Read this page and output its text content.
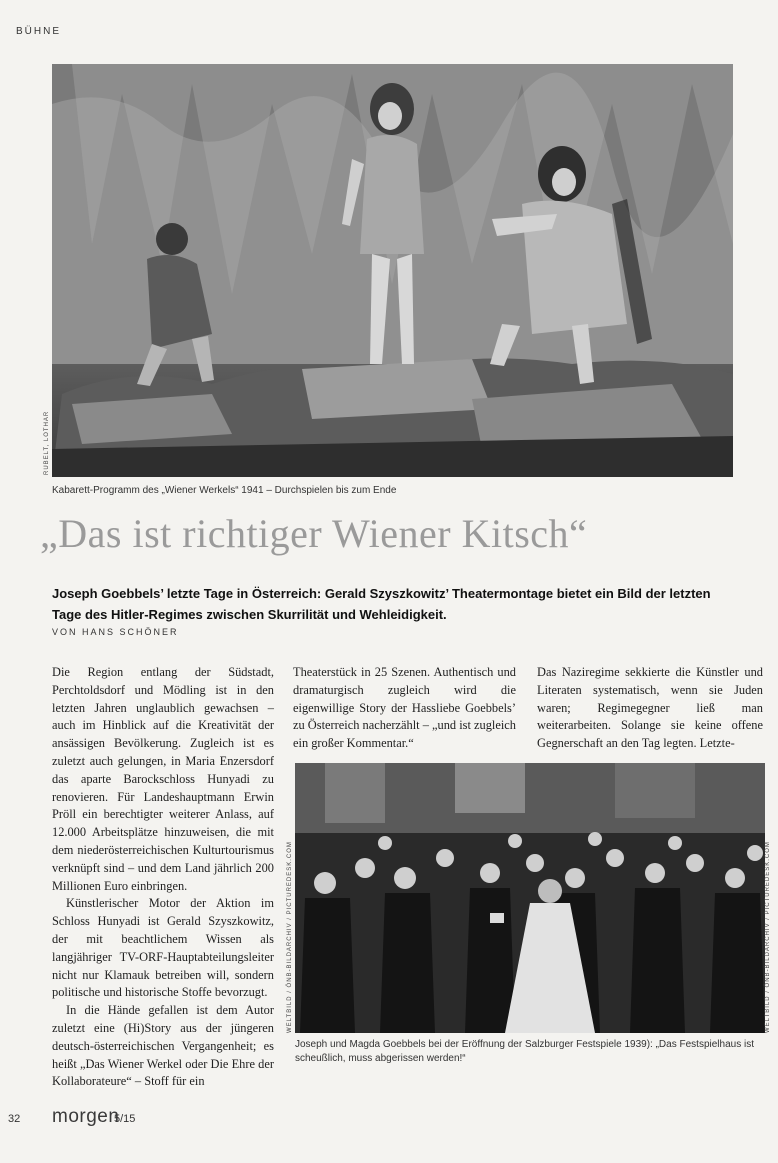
BÜHNE
RUBELT, LOTHAR
Kabarett-Programm des „Wiener Werkels“ 1941 – Durchspielen bis zum Ende
„Das ist richtiger Wiener Kitsch“
Joseph Goebbels’ letzte Tage in Österreich: Gerald Szyszkowitz’ Theatermontage bietet ein Bild der letzten Tage des Hitler-Regimes zwischen Skurrilität und Wehleidigkeit.
VON HANS SCHÖNER

Die Region entlang der Südstadt, Perchtoldsdorf und Mödling ist in den letzten Jahren unglaublich gewachsen – auch im Hinblick auf die Kreativität der ansässigen Bevölkerung. Zugleich ist es zuletzt auch gelungen, in Maria Enzersdorf das aparte Barockschloss Hunyadi zu renovieren. Für Landeshauptmann Erwin Pröll ein berechtigter weiterer Anlass, auf 12.000 Arbeitsplätze hinzuweisen, die mit dem niederösterreichischen Kulturtourismus verknüpft sind – und dem Land jährlich 200 Millionen Euro einbringen.

Künstlerischer Motor der Aktion im Schloss Hunyadi ist Gerald Szyszkowitz, der mit beachtlichem Wissen als langjähriger TV-ORF-Hauptabteilungsleiter nicht nur Klamauk betreiben will, sondern politische und historische Stoffe bevorzugt.

In die Hände gefallen ist dem Autor zuletzt eine (Hi)Story aus der jüngeren deutsch-österreichischen Vergangenheit; es heißt „Das Wiener Werkel oder Die Ehre der Kollaborateure“ – Stoff für ein

Theaterstück in 25 Szenen. Authentisch und dramaturgisch zugleich wird die eigenwillige Story der Hassliebe Goebbels’ zu Österreich nacherzählt – „und ist zugleich ein großer Kommentar.“

Das Naziregime sekkierte die Künstler und Literaten systematisch, wenn sie Juden waren; Regimegegner ließ man weiterarbeiten. Solange sie keine offene Gegnerschaft an den Tag legten. Letzte-

WELTBILD / ÖNB-BILDARCHIV / PICTUREDESK.COM	WELTBILD / ÖNB-BILDARCHIV / PICTUREDESK.COM
Joseph und Magda Goebbels bei der Eröffnung der Salzburger Festspiele 1939): „Das Festspielhaus ist scheußlich, muss abgerissen werden!“
32 morgen
5/15
